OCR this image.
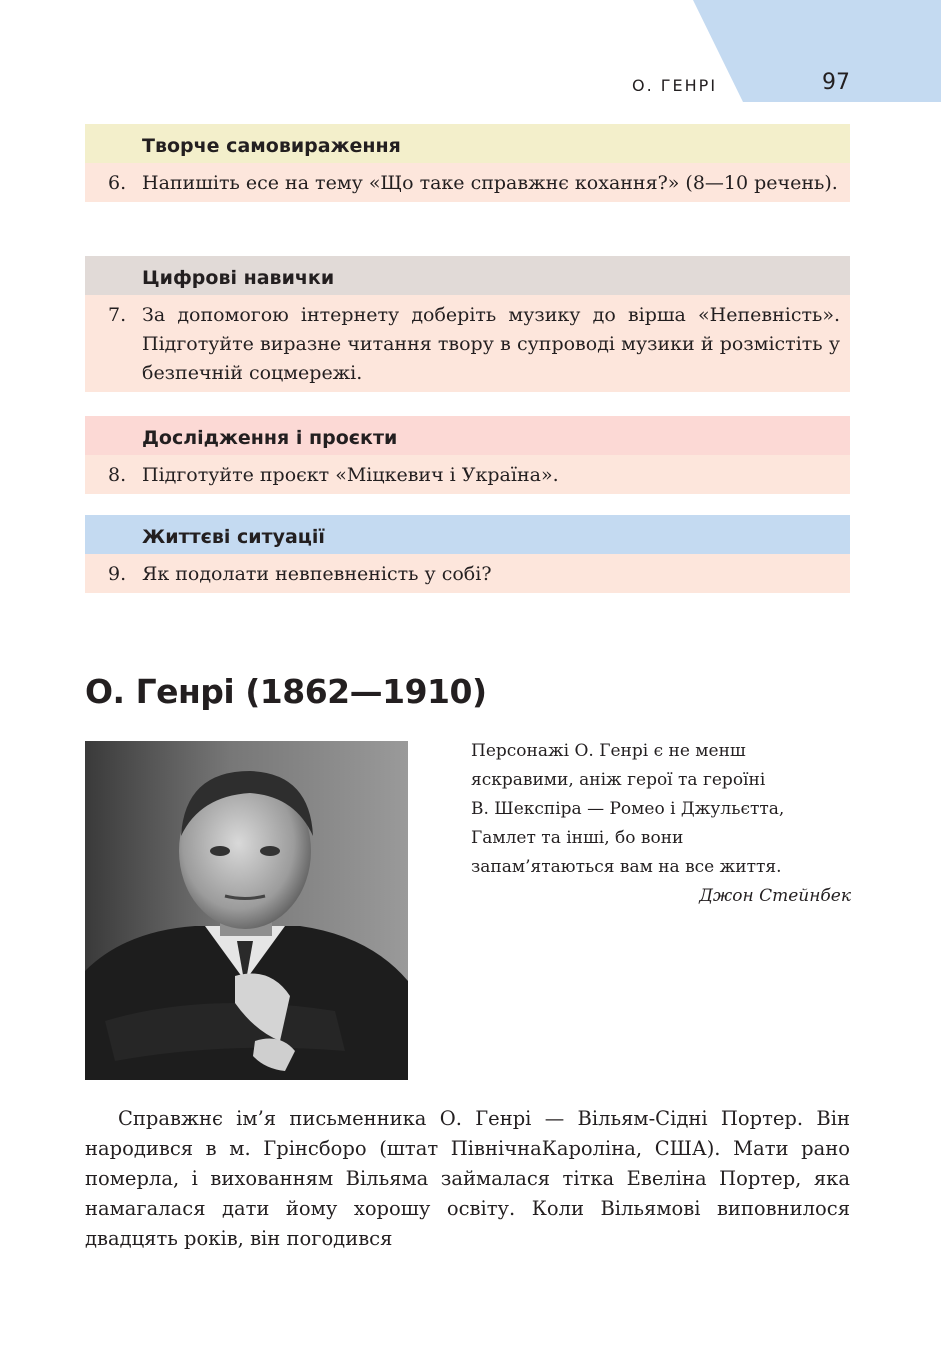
О. ГЕНРІ	97
Творче самовираження
6. Напишіть есе на тему «Що таке справжнє кохання?» (8—10 речень).
Цифрові навички
7. За допомогою інтернету доберіть музику до вірша «Непевність». Підготуйте виразне читання твору в супроводі музики й розмістіть у безпечній соцмережі.
Дослідження і проєкти
8. Підготуйте проєкт «Міцкевич і Україна».
Життєві ситуації
9. Як подолати невпевненість у собі?
О. Генрі (1862—1910)
Персонажі О. Генрі є не менш
яскравими, аніж герої та героїні
В. Шекспіра — Ромео і Джульєтта,
Гамлет та інші, бо вони
запам’ятаються вам на все життя.
Джон Стейнбек

Справжнє ім’я письменника О. Генрі — Вільям-Сідні Портер. Він народився в м. Грінсборо (штат ПівнічнаКароліна, США). Мати рано померла, і вихованням Вільяма займалася тітка Евеліна Портер, яка намагалася дати йому хорошу освіту. Коли Вільямові виповнилося двадцять років, він погодився
